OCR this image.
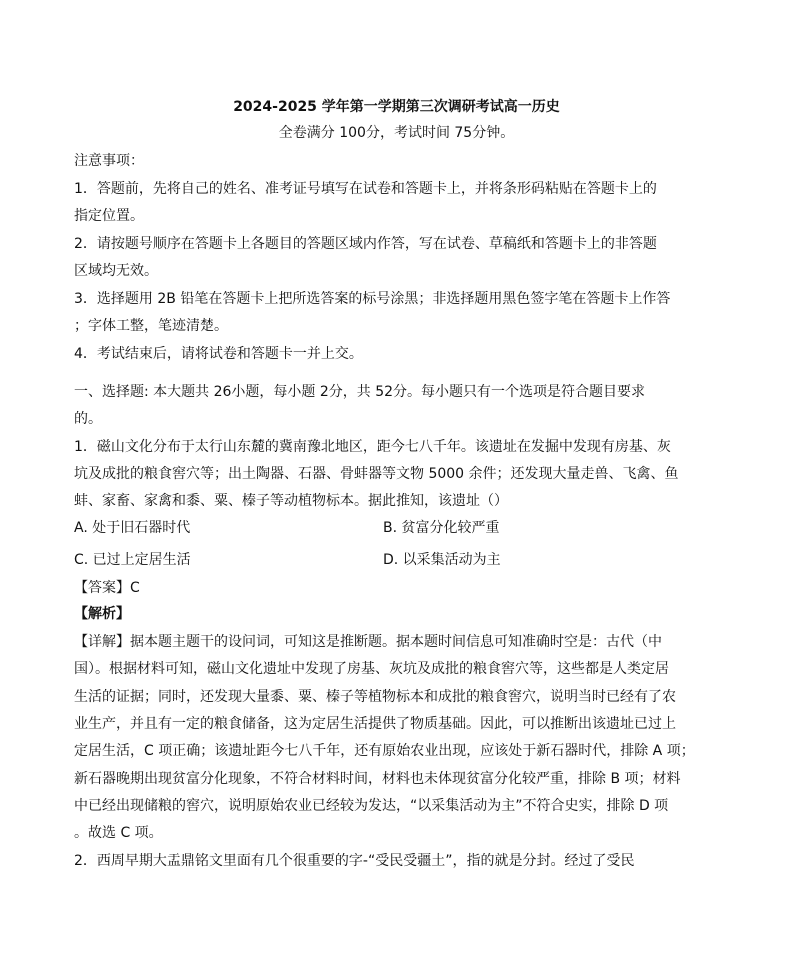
2024-2025 学年第一学期第三次调研考试高一历史
全卷满分 100分，考试时间 75分钟。
注意事项：
1．答题前，先将自己的姓名、准考证号填写在试卷和答题卡上，并将条形码粘贴在答题卡上的
指定位置。
2．请按题号顺序在答题卡上各题目的答题区域内作答，写在试卷、草稿纸和答题卡上的非答题
区域均无效。
3．选择题用 2B 铅笔在答题卡上把所选答案的标号涂黑；非选择题用黑色签字笔在答题卡上作答
；字体工整，笔迹清楚。
4．考试结束后，请将试卷和答题卡一并上交。
一、选择题: 本大题共 26小题，每小题 2分，共 52分。每小题只有一个选项是符合题目要求
的。
1．磁山文化分布于太行山东麓的冀南豫北地区，距今七八千年。该遗址在发掘中发现有房基、灰
坑及成批的粮食窖穴等；出土陶器、石器、骨蚌器等文物 5000 余件；还发现大量走兽、飞禽、鱼
蚌、家畜、家禽和黍、粟、榛子等动植物标本。据此推知，该遗址（）
A. 处于旧石器时代	B. 贫富分化较严重
C. 已过上定居生活	D. 以采集活动为主
【答案】C
【解析】
【详解】据本题主题干的设问词，可知这是推断题。据本题时间信息可知准确时空是：古代（中
国）。根据材料可知，磁山文化遗址中发现了房基、灰坑及成批的粮食窖穴等，这些都是人类定居
生活的证据；同时，还发现大量黍、粟、榛子等植物标本和成批的粮食窖穴，说明当时已经有了农
业生产，并且有一定的粮食储备，这为定居生活提供了物质基础。因此，可以推断出该遗址已过上
定居生活，C 项正确；该遗址距今七八千年，还有原始农业出现，应该处于新石器时代，排除 A 项；
新石器晚期出现贫富分化现象，不符合材料时间，材料也未体现贫富分化较严重，排除 B 项；材料
中已经出现储粮的窖穴，说明原始农业已经较为发达，“以采集活动为主”不符合史实，排除 D 项
。故选 C 项。
2．西周早期大盂鼎铭文里面有几个很重要的字-“受民受疆土”，指的就是分封。经过了受民
